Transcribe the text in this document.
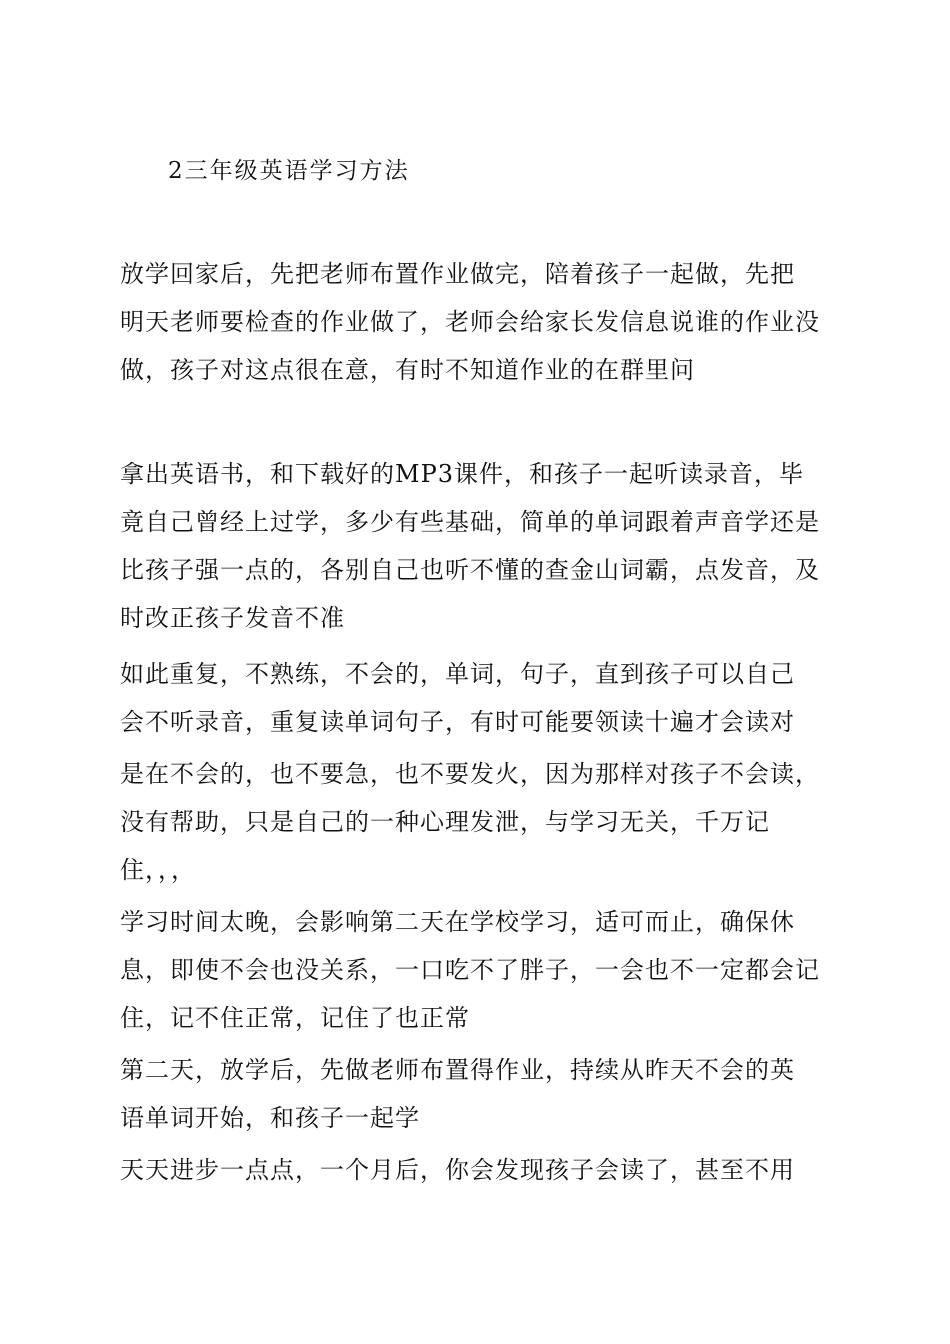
2三年级英语学习方法
放学回家后，先把老师布置作业做完，陪着孩子一起做，先把
明天老师要检查的作业做了，老师会给家长发信息说谁的作业没
做，孩子对这点很在意，有时不知道作业的在群里问
拿出英语书，和下载好的MP3课件，和孩子一起听读录音，毕
竟自己曾经上过学，多少有些基础，简单的单词跟着声音学还是
比孩子强一点的，各别自己也听不懂的查金山词霸，点发音，及
时改正孩子发音不准
如此重复，不熟练，不会的，单词，句子，直到孩子可以自己
会不听录音，重复读单词句子，有时可能要领读十遍才会读对
是在不会的，也不要急，也不要发火，因为那样对孩子不会读，
没有帮助，只是自己的一种心理发泄，与学习无关，千万记
住，，，
学习时间太晚，会影响第二天在学校学习，适可而止，确保休
息，即使不会也没关系，一口吃不了胖子，一会也不一定都会记
住，记不住正常，记住了也正常
第二天，放学后，先做老师布置得作业，持续从昨天不会的英
语单词开始，和孩子一起学
天天进步一点点，一个月后，你会发现孩子会读了，甚至不用
